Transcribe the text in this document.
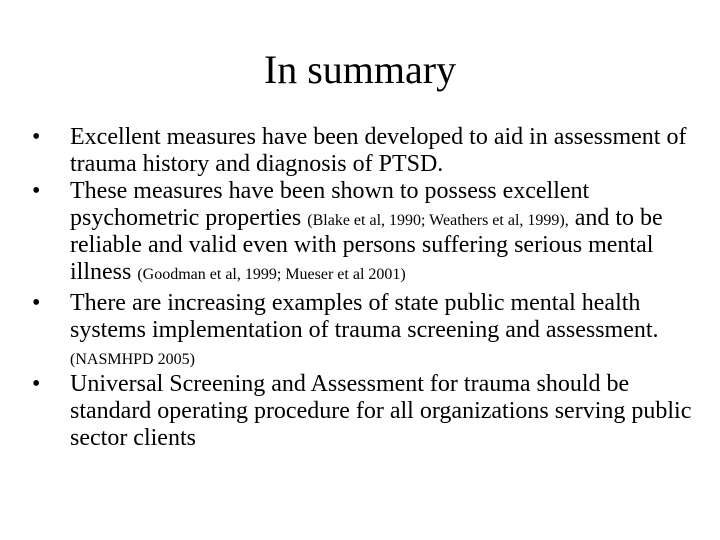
In summary
•	Excellent measures have been developed to aid in assessment of trauma history and diagnosis of PTSD.
•	These measures have been shown to possess excellent psychometric properties (Blake et al, 1990; Weathers et al, 1999), and to be reliable and valid even with persons suffering serious mental illness (Goodman et al, 1999; Mueser et al 2001)
•	There are increasing examples of state public mental health systems implementation of trauma screening and assessment. (NASMHPD 2005)
•	Universal Screening and Assessment for trauma should be standard operating procedure for all organizations serving public sector clients
